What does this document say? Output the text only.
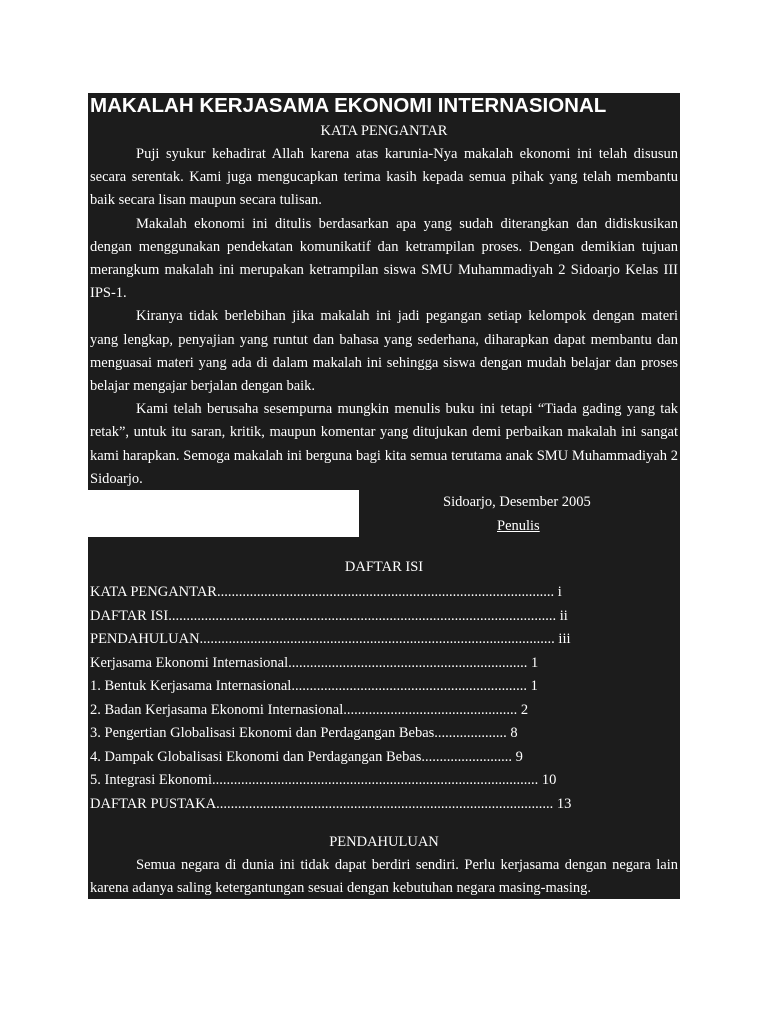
MAKALAH KERJASAMA EKONOMI INTERNASIONAL
KATA PENGANTAR

Puji syukur kehadirat Allah karena atas karunia-Nya makalah ekonomi ini telah disusun secara serentak. Kami juga mengucapkan terima kasih kepada semua pihak yang telah membantu baik secara lisan maupun secara tulisan.

Makalah ekonomi ini ditulis berdasarkan apa yang sudah diterangkan dan didiskusikan dengan menggunakan pendekatan komunikatif dan ketrampilan proses. Dengan demikian tujuan merangkum makalah ini merupakan ketrampilan siswa SMU Muhammadiyah 2 Sidoarjo Kelas III IPS-1.

Kiranya tidak berlebihan jika makalah ini jadi pegangan setiap kelompok dengan materi yang lengkap, penyajian yang runtut dan bahasa yang sederhana, diharapkan dapat membantu dan menguasai materi yang ada di dalam makalah ini sehingga siswa dengan mudah belajar dan proses belajar mengajar berjalan dengan baik.

Kami telah berusaha sesempurna mungkin menulis buku ini tetapi “Tiada gading yang tak retak”, untuk itu saran, kritik, maupun komentar yang ditujukan demi perbaikan makalah ini sangat kami harapkan. Semoga makalah ini berguna bagi kita semua terutama anak SMU Muhammadiyah 2 Sidoarjo.

Sidoarjo, Desember 2005
Penulis
DAFTAR ISI
KATA PENGANTAR............................................................................................. i
DAFTAR ISI........................................................................................................... ii
PENDAHULUAN.................................................................................................. iii
Kerjasama Ekonomi Internasional.................................................................. 1
1. Bentuk Kerjasama Internasional................................................................. 1
2. Badan Kerjasama Ekonomi Internasional................................................ 2
3. Pengertian Globalisasi Ekonomi dan Perdagangan Bebas.................... 8
4. Dampak Globalisasi Ekonomi dan Perdagangan Bebas......................... 9
5. Integrasi Ekonomi.......................................................................................... 10
DAFTAR PUSTAKA............................................................................................. 13
PENDAHULUAN

Semua negara di dunia ini tidak dapat berdiri sendiri. Perlu kerjasama dengan negara lain karena adanya saling ketergantungan sesuai dengan kebutuhan negara masing-masing.
